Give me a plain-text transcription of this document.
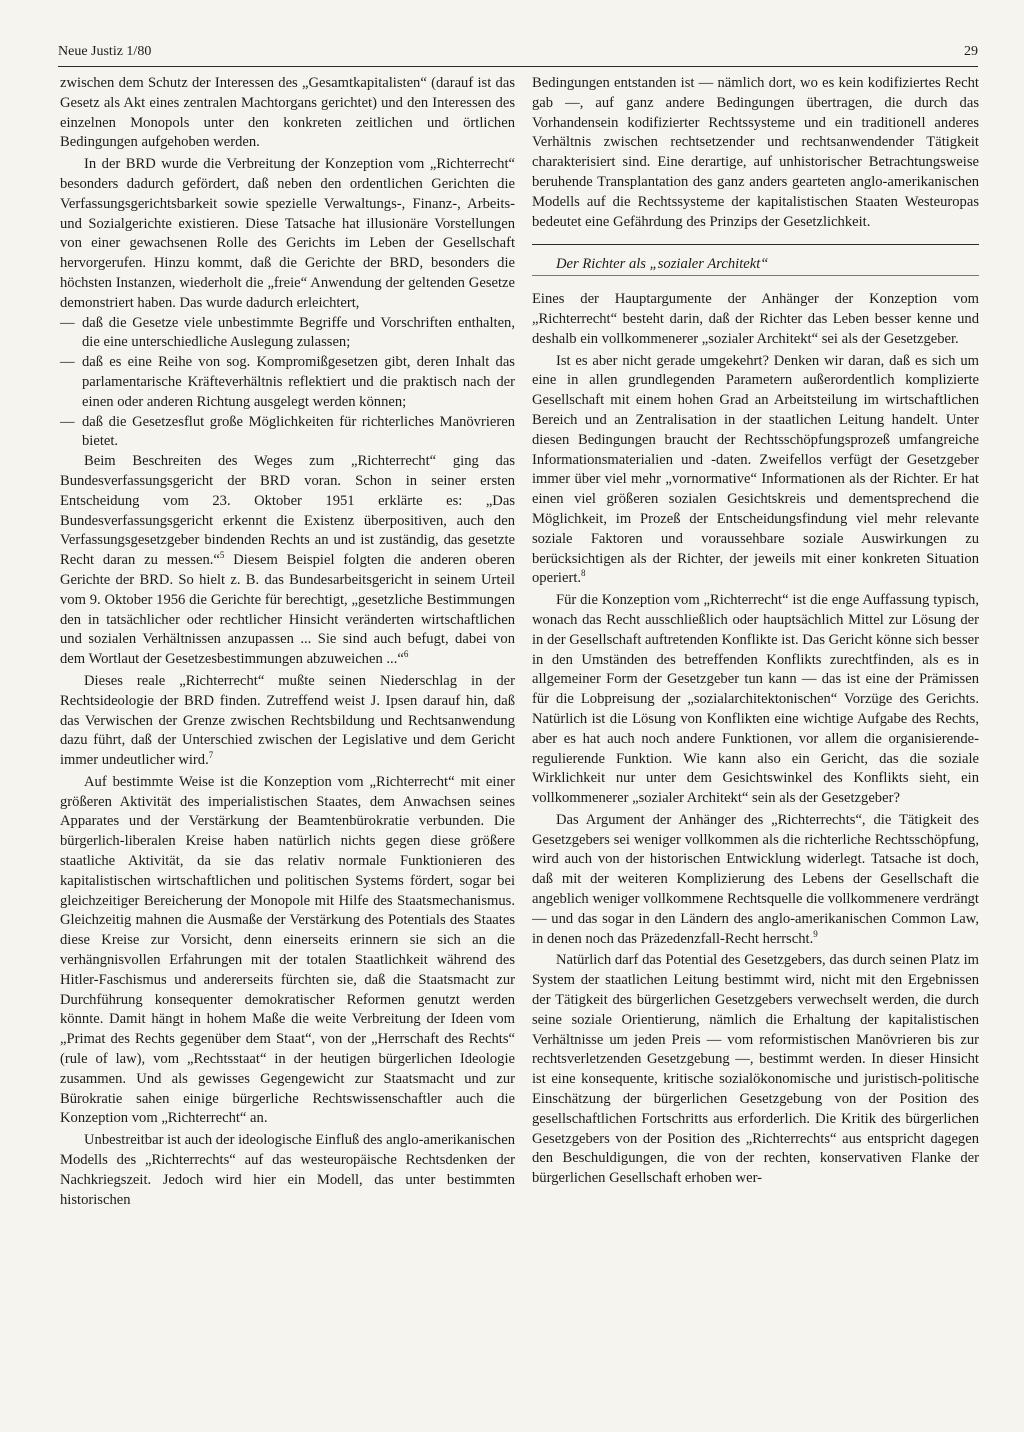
Neue Justiz 1/80	29

zwischen dem Schutz der Interessen des „Gesamtkapitalisten“ (darauf ist das Gesetz als Akt eines zentralen Machtorgans gerichtet) und den Interessen des einzelnen Monopols unter den konkreten zeitlichen und örtlichen Bedingungen aufgehoben werden.

In der BRD wurde die Verbreitung der Konzeption vom „Richterrecht“ besonders dadurch gefördert, daß neben den ordentlichen Gerichten die Verfassungsgerichtsbarkeit sowie spezielle Verwaltungs-, Finanz-, Arbeits- und Sozialgerichte existieren. Diese Tatsache hat illusionäre Vorstellungen von einer gewachsenen Rolle des Gerichts im Leben der Gesellschaft hervorgerufen. Hinzu kommt, daß die Gerichte der BRD, besonders die höchsten Instanzen, wiederholt die „freie“ Anwendung der geltenden Gesetze demonstriert haben. Das wurde dadurch erleichtert,

— daß die Gesetze viele unbestimmte Begriffe und Vorschriften enthalten, die eine unterschiedliche Auslegung zulassen;
— daß es eine Reihe von sog. Kompromißgesetzen gibt, deren Inhalt das parlamentarische Kräfteverhältnis reflektiert und die praktisch nach der einen oder anderen Richtung ausgelegt werden können;
— daß die Gesetzesflut große Möglichkeiten für richterliches Manövrieren bietet.

Beim Beschreiten des Weges zum „Richterrecht“ ging das Bundesverfassungsgericht der BRD voran. Schon in seiner ersten Entscheidung vom 23. Oktober 1951 erklärte es: „Das Bundesverfassungsgericht erkennt die Existenz überpositiven, auch den Verfassungsgesetzgeber bindenden Rechts an und ist zuständig, das gesetzte Recht daran zu messen.“$^5$ Diesem Beispiel folgten die anderen oberen Gerichte der BRD. So hielt z. B. das Bundesarbeitsgericht in seinem Urteil vom 9. Oktober 1956 die Gerichte für berechtigt, „gesetzliche Bestimmungen den in tatsächlicher oder rechtlicher Hinsicht veränderten wirtschaftlichen und sozialen Verhältnissen anzupassen ... Sie sind auch befugt, dabei von dem Wortlaut der Gesetzesbestimmungen abzuweichen ...“$^6$

Dieses reale „Richterrecht“ mußte seinen Niederschlag in der Rechtsideologie der BRD finden. Zutreffend weist J. Ipsen darauf hin, daß das Verwischen der Grenze zwischen Rechtsbildung und Rechtsanwendung dazu führt, daß der Unterschied zwischen der Legislative und dem Gericht immer undeutlicher wird.$^7$

Auf bestimmte Weise ist die Konzeption vom „Richterrecht“ mit einer größeren Aktivität des imperialistischen Staates, dem Anwachsen seines Apparates und der Verstärkung der Beamtenbürokratie verbunden. Die bürgerlich-liberalen Kreise haben natürlich nichts gegen diese größere staatliche Aktivität, da sie das relativ normale Funktionieren des kapitalistischen wirtschaftlichen und politischen Systems fördert, sogar bei gleichzeitiger Bereicherung der Monopole mit Hilfe des Staatsmechanismus. Gleichzeitig mahnen die Ausmaße der Verstärkung des Potentials des Staates diese Kreise zur Vorsicht, denn einerseits erinnern sie sich an die verhängnisvollen Erfahrungen mit der totalen Staatlichkeit während des Hitler-Faschismus und andererseits fürchten sie, daß die Staatsmacht zur Durchführung konsequenter demokratischer Reformen genutzt werden könnte. Damit hängt in hohem Maße die weite Verbreitung der Ideen vom „Primat des Rechts gegenüber dem Staat“, von der „Herrschaft des Rechts“ (rule of law), vom „Rechtsstaat“ in der heutigen bürgerlichen Ideologie zusammen. Und als gewisses Gegengewicht zur Staatsmacht und zur Bürokratie sahen einige bürgerliche Rechtswissenschaftler auch die Konzeption vom „Richterrecht“ an.

Unbestreitbar ist auch der ideologische Einfluß des anglo-amerikanischen Modells des „Richterrechts“ auf das westeuropäische Rechtsdenken der Nachkriegszeit. Jedoch wird hier ein Modell, das unter bestimmten historischen

Bedingungen entstanden ist — nämlich dort, wo es kein kodifiziertes Recht gab —, auf ganz andere Bedingungen übertragen, die durch das Vorhandensein kodifizierter Rechtssysteme und ein traditionell anderes Verhältnis zwischen rechtsetzender und rechtsanwendender Tätigkeit charakterisiert sind. Eine derartige, auf unhistorischer Betrachtungsweise beruhende Transplantation des ganz anders gearteten anglo-amerikanischen Modells auf die Rechtssysteme der kapitalistischen Staaten Westeuropas bedeutet eine Gefährdung des Prinzips der Gesetzlichkeit.

Der Richter als „sozialer Architekt“

Eines der Hauptargumente der Anhänger der Konzeption vom „Richterrecht“ besteht darin, daß der Richter das Leben besser kenne und deshalb ein vollkommenerer „sozialer Architekt“ sei als der Gesetzgeber.

Ist es aber nicht gerade umgekehrt? Denken wir daran, daß es sich um eine in allen grundlegenden Parametern außerordentlich komplizierte Gesellschaft mit einem hohen Grad an Arbeitsteilung im wirtschaftlichen Bereich und an Zentralisation in der staatlichen Leitung handelt. Unter diesen Bedingungen braucht der Rechtsschöpfungsprozeß umfangreiche Informationsmaterialien und -daten. Zweifellos verfügt der Gesetzgeber immer über viel mehr „vornormative“ Informationen als der Richter. Er hat einen viel größeren sozialen Gesichtskreis und dementsprechend die Möglichkeit, im Prozeß der Entscheidungsfindung viel mehr relevante soziale Faktoren und voraussehbare soziale Auswirkungen zu berücksichtigen als der Richter, der jeweils mit einer konkreten Situation operiert.$^8$

Für die Konzeption vom „Richterrecht“ ist die enge Auffassung typisch, wonach das Recht ausschließlich oder hauptsächlich Mittel zur Lösung der in der Gesellschaft auftretenden Konflikte ist. Das Gericht könne sich besser in den Umständen des betreffenden Konflikts zurechtfinden, als es in allgemeiner Form der Gesetzgeber tun kann — das ist eine der Prämissen für die Lobpreisung der „sozialarchitektonischen“ Vorzüge des Gerichts. Natürlich ist die Lösung von Konflikten eine wichtige Aufgabe des Rechts, aber es hat auch noch andere Funktionen, vor allem die organisierende-regulierende Funktion. Wie kann also ein Gericht, das die soziale Wirklichkeit nur unter dem Gesichtswinkel des Konflikts sieht, ein vollkommenerer „sozialer Architekt“ sein als der Gesetzgeber?

Das Argument der Anhänger des „Richterrechts“, die Tätigkeit des Gesetzgebers sei weniger vollkommen als die richterliche Rechtsschöpfung, wird auch von der historischen Entwicklung widerlegt. Tatsache ist doch, daß mit der weiteren Komplizierung des Lebens der Gesellschaft die angeblich weniger vollkommene Rechtsquelle die vollkommenere verdrängt — und das sogar in den Ländern des anglo-amerikanischen Common Law, in denen noch das Präzedenzfall-Recht herrscht.$^9$

Natürlich darf das Potential des Gesetzgebers, das durch seinen Platz im System der staatlichen Leitung bestimmt wird, nicht mit den Ergebnissen der Tätigkeit des bürgerlichen Gesetzgebers verwechselt werden, die durch seine soziale Orientierung, nämlich die Erhaltung der kapitalistischen Verhältnisse um jeden Preis — vom reformistischen Manövrieren bis zur rechtsverletzenden Gesetzgebung —, bestimmt werden. In dieser Hinsicht ist eine konsequente, kritische sozialökonomische und juristisch-politische Einschätzung der bürgerlichen Gesetzgebung von der Position des gesellschaftlichen Fortschritts aus erforderlich. Die Kritik des bürgerlichen Gesetzgebers von der Position des „Richterrechts“ aus entspricht dagegen den Beschuldigungen, die von der rechten, konservativen Flanke der bürgerlichen Gesellschaft erhoben wer-
